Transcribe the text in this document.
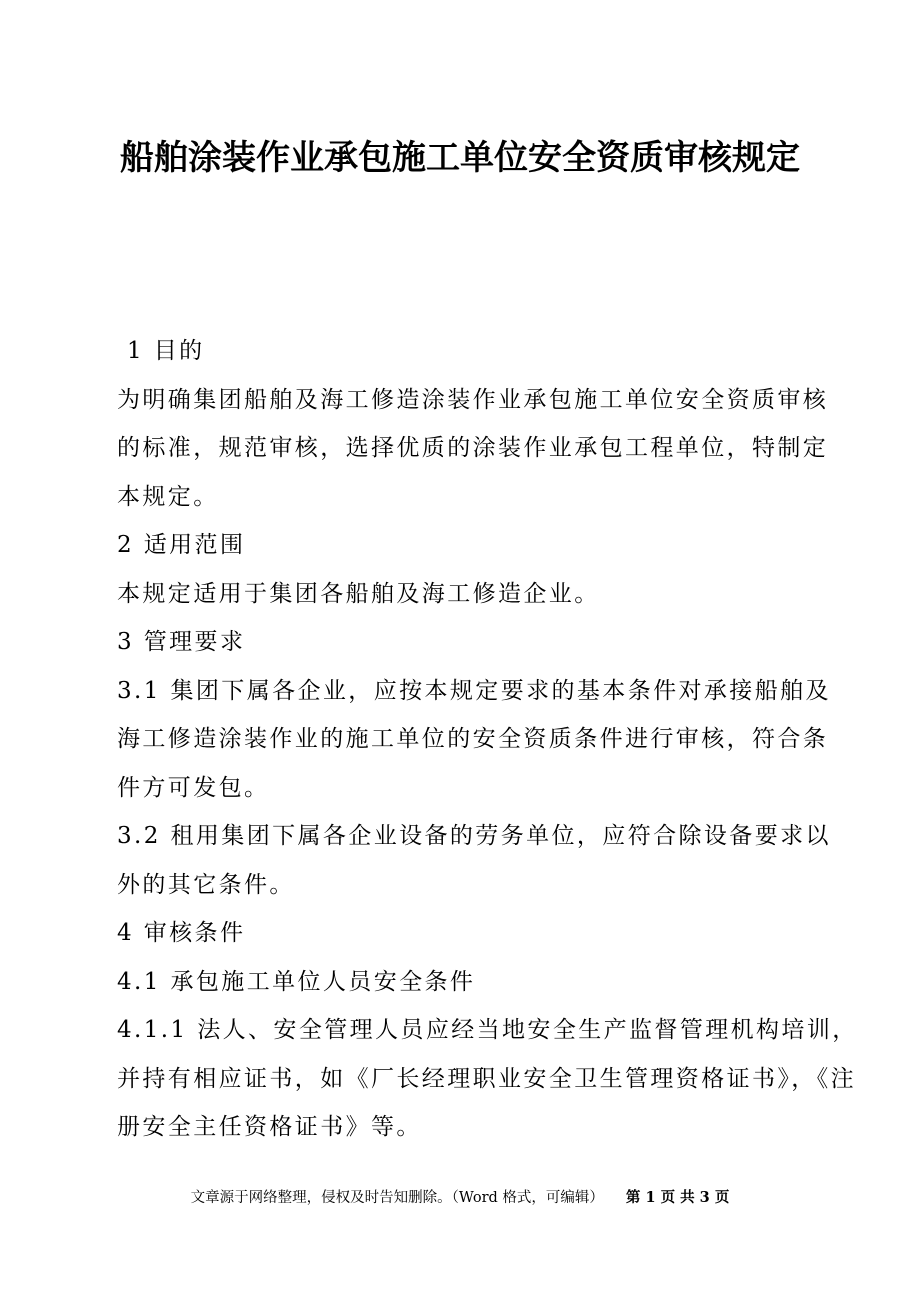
船舶涂装作业承包施工单位安全资质审核规定
1 目的
为明确集团船舶及海工修造涂装作业承包施工单位安全资质审核
的标准，规范审核，选择优质的涂装作业承包工程单位，特制定
本规定。
2 适用范围
本规定适用于集团各船舶及海工修造企业。
3 管理要求
3.1 集团下属各企业，应按本规定要求的基本条件对承接船舶及
海工修造涂装作业的施工单位的安全资质条件进行审核，符合条
件方可发包。
3.2 租用集团下属各企业设备的劳务单位，应符合除设备要求以
外的其它条件。
4 审核条件
4.1 承包施工单位人员安全条件
4.1.1 法人、安全管理人员应经当地安全生产监督管理机构培训，
并持有相应证书，如《厂长经理职业安全卫生管理资格证书》，《注
册安全主任资格证书》等。
文章源于网络整理，侵权及时告知删除。（Word 格式，可编辑） 第 1 页 共 3 页
